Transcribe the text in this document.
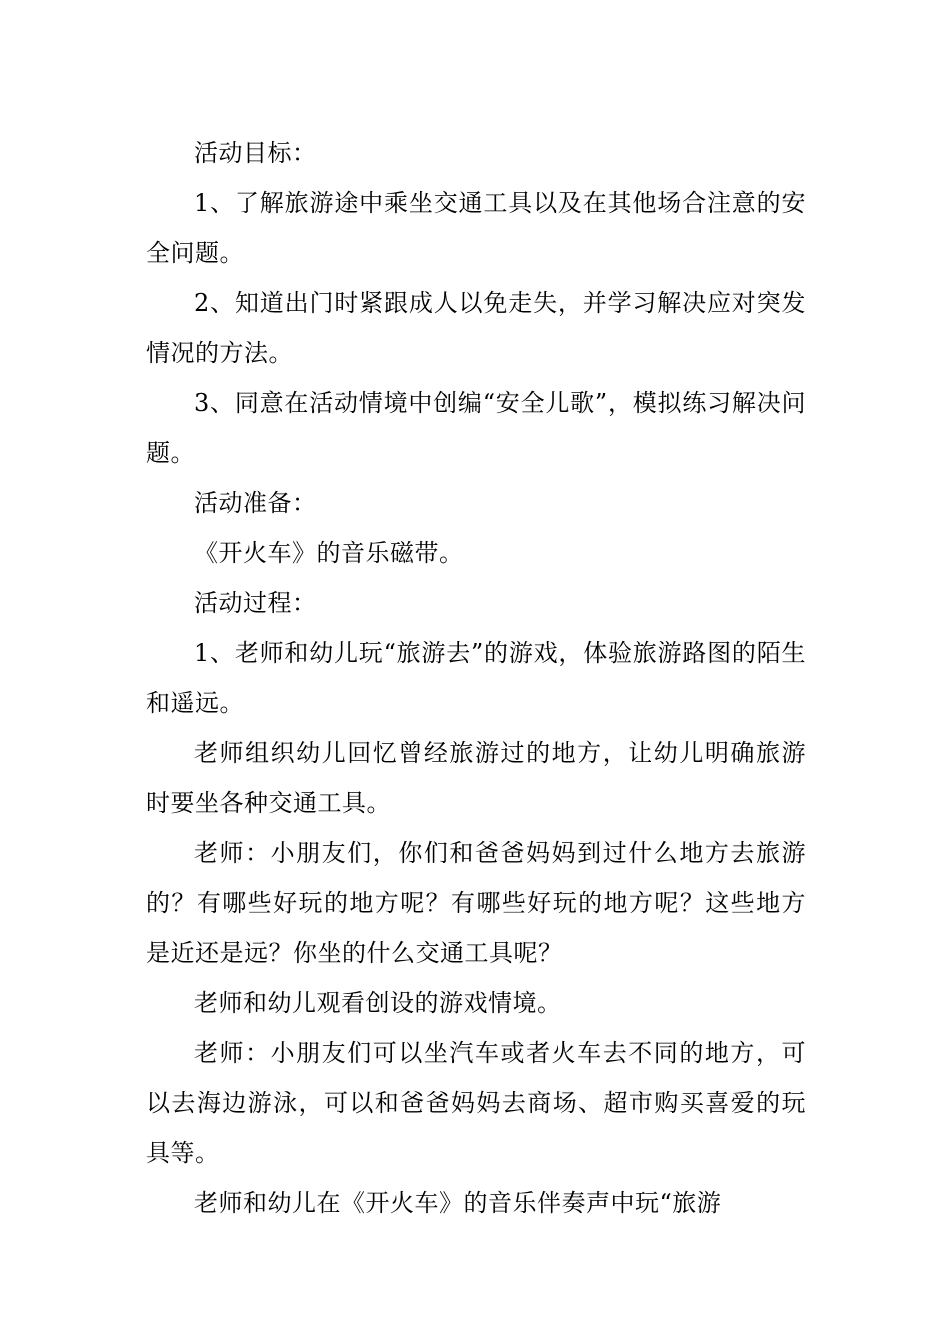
活动目标：

1、了解旅游途中乘坐交通工具以及在其他场合注意的安全问题。

2、知道出门时紧跟成人以免走失，并学习解决应对突发情况的方法。

3、同意在活动情境中创编“安全儿歌”，模拟练习解决问题。

活动准备：

《开火车》的音乐磁带。

活动过程：

1、老师和幼儿玩“旅游去”的游戏，体验旅游路图的陌生和遥远。

老师组织幼儿回忆曾经旅游过的地方，让幼儿明确旅游时要坐各种交通工具。

老师：小朋友们，你们和爸爸妈妈到过什么地方去旅游的？有哪些好玩的地方呢？有哪些好玩的地方呢？这些地方是近还是远？你坐的什么交通工具呢？

老师和幼儿观看创设的游戏情境。

老师：小朋友们可以坐汽车或者火车去不同的地方，可以去海边游泳，可以和爸爸妈妈去商场、超市购买喜爱的玩具等。

老师和幼儿在《开火车》的音乐伴奏声中玩“旅游
